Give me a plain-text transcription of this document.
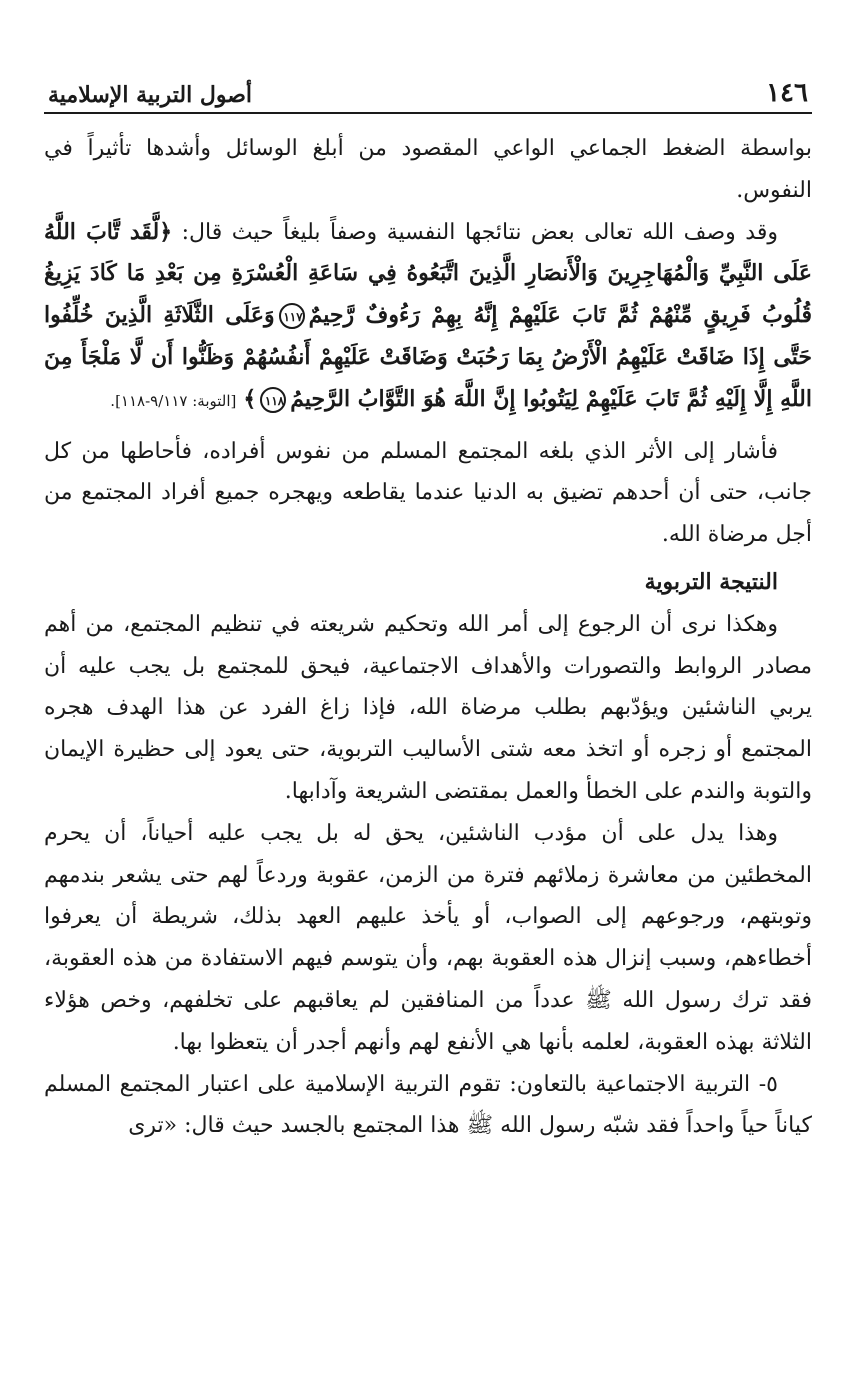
١٤٦
أصول التربية الإسلامية

بواسطة الضغط الجماعي الواعي المقصود من أبلغ الوسائل وأشدها تأثيراً في النفوس.

وقد وصف الله تعالى بعض نتائجها النفسية وصفاً بليغاً حيث قال: ﴿لَّقَد تَّابَ اللَّهُ عَلَى النَّبِيِّ وَالْمُهَاجِرِينَ وَالْأَنصَارِ الَّذِينَ اتَّبَعُوهُ فِي سَاعَةِ الْعُسْرَةِ مِن بَعْدِ مَا كَادَ يَزِيغُ قُلُوبُ فَرِيقٍ مِّنْهُمْ ثُمَّ تَابَ عَلَيْهِمْ إِنَّهُ بِهِمْ رَءُوفٌ رَّحِيمٌ١١٧وَعَلَى الثَّلَاثَةِ الَّذِينَ خُلِّفُوا حَتَّى إِذَا ضَاقَتْ عَلَيْهِمُ الْأَرْضُ بِمَا رَحُبَتْ وَضَاقَتْ عَلَيْهِمْ أَنفُسُهُمْ وَظَنُّوا أَن لَّا مَلْجَأَ مِنَ اللَّهِ إِلَّا إِلَيْهِ ثُمَّ تَابَ عَلَيْهِمْ لِيَتُوبُوا إِنَّ اللَّهَ هُوَ التَّوَّابُ الرَّحِيمُ١١٨﴾ [التوبة: ٩/١١٧-١١٨].

فأشار إلى الأثر الذي بلغه المجتمع المسلم من نفوس أفراده، فأحاطها من كل جانب، حتى أن أحدهم تضيق به الدنيا عندما يقاطعه ويهجره جميع أفراد المجتمع من أجل مرضاة الله.

النتيجة التربوية

وهكذا نرى أن الرجوع إلى أمر الله وتحكيم شريعته في تنظيم المجتمع، من أهم مصادر الروابط والتصورات والأهداف الاجتماعية، فيحق للمجتمع بل يجب عليه أن يربي الناشئين ويؤدّبهم بطلب مرضاة الله، فإذا زاغ الفرد عن هذا الهدف هجره المجتمع أو زجره أو اتخذ معه شتى الأساليب التربوية، حتى يعود إلى حظيرة الإيمان والتوبة والندم على الخطأ والعمل بمقتضى الشريعة وآدابها.

وهذا يدل على أن مؤدب الناشئين، يحق له بل يجب عليه أحياناً، أن يحرم المخطئين من معاشرة زملائهم فترة من الزمن، عقوبة وردعاً لهم حتى يشعر بندمهم وتوبتهم، ورجوعهم إلى الصواب، أو يأخذ عليهم العهد بذلك، شريطة أن يعرفوا أخطاءهم، وسبب إنزال هذه العقوبة بهم، وأن يتوسم فيهم الاستفادة من هذه العقوبة، فقد ترك رسول الله ﷺ عدداً من المنافقين لم يعاقبهم على تخلفهم، وخص هؤلاء الثلاثة بهذه العقوبة، لعلمه بأنها هي الأنفع لهم وأنهم أجدر أن يتعظوا بها.

٥- التربية الاجتماعية بالتعاون: تقوم التربية الإسلامية على اعتبار المجتمع المسلم كياناً حياً واحداً فقد شبّه رسول الله ﷺ هذا المجتمع بالجسد حيث قال: «ترى
